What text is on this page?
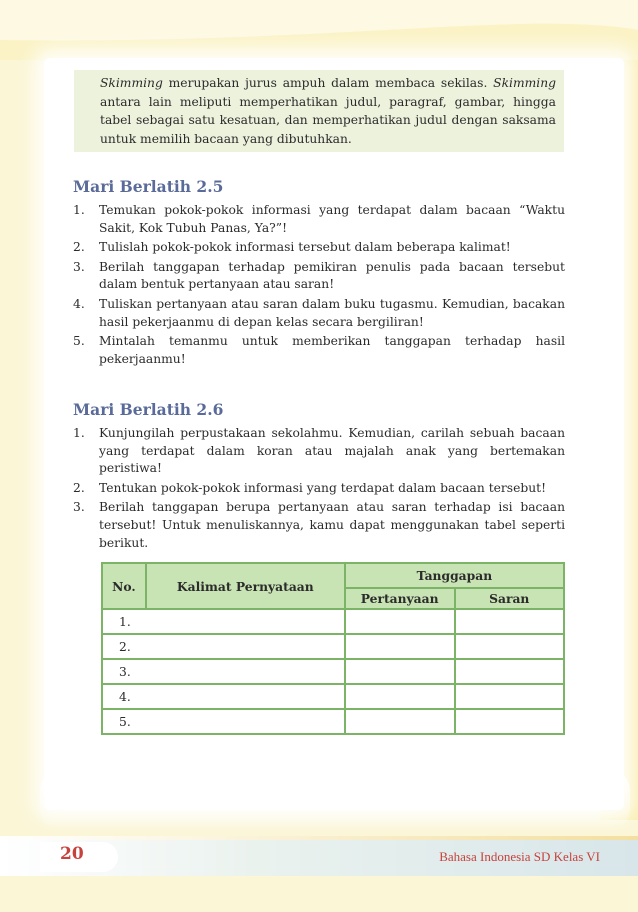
Skimming merupakan jurus ampuh dalam membaca sekilas. Skimming antara lain meliputi memperhatikan judul, paragraf, gambar, hingga tabel sebagai satu kesatuan, dan memperhatikan judul dengan saksama untuk memilih bacaan yang dibutuhkan.
Mari Berlatih 2.5
1. Temukan pokok-pokok informasi yang terdapat dalam bacaan “Waktu Sakit, Kok Tubuh Panas, Ya?”!
2. Tulislah pokok-pokok informasi tersebut dalam beberapa kalimat!
3. Berilah tanggapan terhadap pemikiran penulis pada bacaan tersebut dalam bentuk pertanyaan atau saran!
4. Tuliskan pertanyaan atau saran dalam buku tugasmu. Kemudian, bacakan hasil pekerjaanmu di depan kelas secara bergiliran!
5. Mintalah temanmu untuk memberikan tanggapan terhadap hasil pekerjaanmu!
Mari Berlatih 2.6
1. Kunjungilah perpustakaan sekolahmu. Kemudian, carilah sebuah bacaan yang terdapat dalam koran atau majalah anak yang bertemakan peristiwa!
2. Tentukan pokok-pokok informasi yang terdapat dalam bacaan tersebut!
3. Berilah tanggapan berupa pertanyaan atau saran terhadap isi bacaan tersebut! Untuk menuliskannya, kamu dapat menggunakan tabel seperti berikut.
No.	Kalimat Pernyataan	Tanggapan	
		Pertanyaan	Saran
1.			
2.			
3.			
4.			
5.			
20	Bahasa Indonesia SD Kelas VI
